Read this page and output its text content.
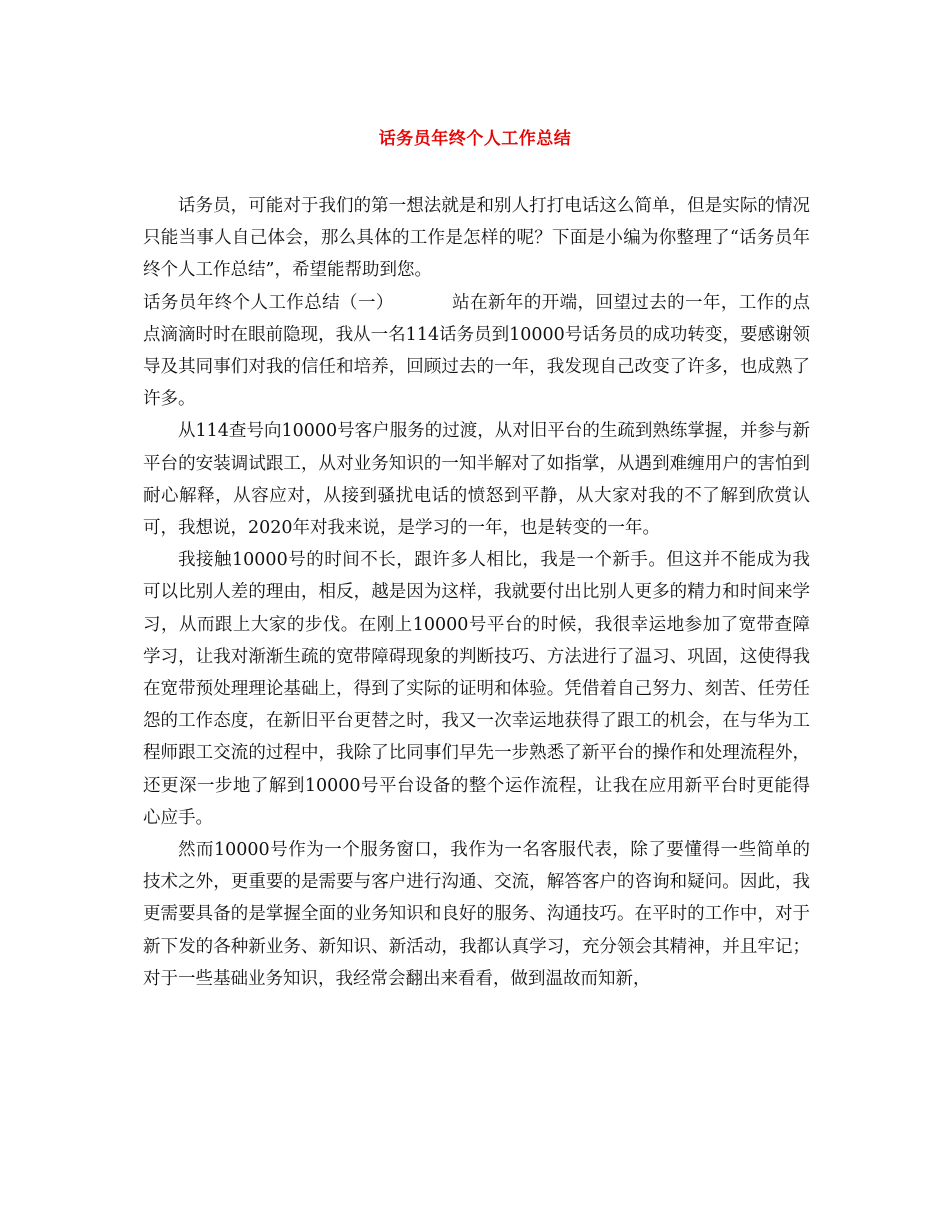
话务员年终个人工作总结

话务员，可能对于我们的第一想法就是和别人打打电话这么简单，但是实际的情况只能当事人自己体会，那么具体的工作是怎样的呢？下面是小编为你整理了“话务员年终个人工作总结”，希望能帮助到您。

话务员年终个人工作总结（一）	站在新年的开端，回望过去的一年，工作的点点滴滴时时在眼前隐现，我从一名114话务员到10000号话务员的成功转变，要感谢领导及其同事们对我的信任和培养，回顾过去的一年，我发现自己改变了许多，也成熟了许多。

从114查号向10000号客户服务的过渡，从对旧平台的生疏到熟练掌握，并参与新平台的安装调试跟工，从对业务知识的一知半解对了如指掌，从遇到难缠用户的害怕到耐心解释，从容应对，从接到骚扰电话的愤怒到平静，从大家对我的不了解到欣赏认可，我想说，2020年对我来说，是学习的一年，也是转变的一年。

我接触10000号的时间不长，跟许多人相比，我是一个新手。但这并不能成为我可以比别人差的理由，相反，越是因为这样，我就要付出比别人更多的精力和时间来学习，从而跟上大家的步伐。在刚上10000号平台的时候，我很幸运地参加了宽带查障学习，让我对渐渐生疏的宽带障碍现象的判断技巧、方法进行了温习、巩固，这使得我在宽带预处理理论基础上，得到了实际的证明和体验。凭借着自己努力、刻苦、任劳任怨的工作态度，在新旧平台更替之时，我又一次幸运地获得了跟工的机会，在与华为工程师跟工交流的过程中，我除了比同事们早先一步熟悉了新平台的操作和处理流程外，还更深一步地了解到10000号平台设备的整个运作流程，让我在应用新平台时更能得心应手。

然而10000号作为一个服务窗口，我作为一名客服代表，除了要懂得一些简单的技术之外，更重要的是需要与客户进行沟通、交流，解答客户的咨询和疑问。因此，我更需要具备的是掌握全面的业务知识和良好的服务、沟通技巧。在平时的工作中，对于新下发的各种新业务、新知识、新活动，我都认真学习，充分领会其精神，并且牢记；对于一些基础业务知识，我经常会翻出来看看，做到温故而知新，
